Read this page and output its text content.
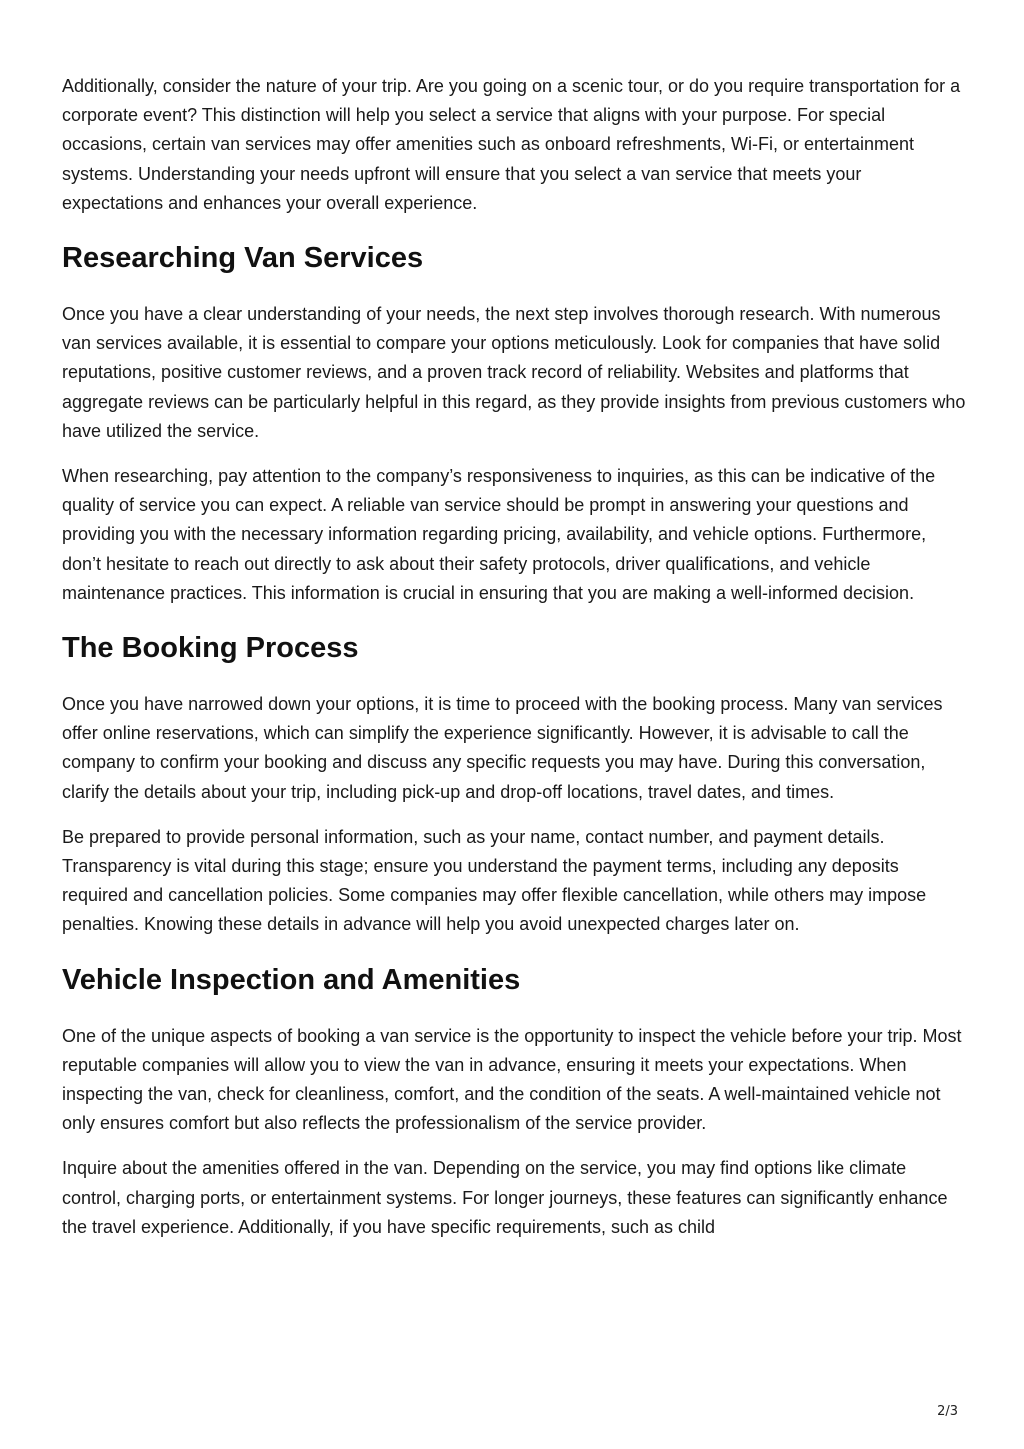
Additionally, consider the nature of your trip. Are you going on a scenic tour, or do you require transportation for a corporate event? This distinction will help you select a service that aligns with your purpose. For special occasions, certain van services may offer amenities such as onboard refreshments, Wi-Fi, or entertainment systems. Understanding your needs upfront will ensure that you select a van service that meets your expectations and enhances your overall experience.

Researching Van Services

Once you have a clear understanding of your needs, the next step involves thorough research. With numerous van services available, it is essential to compare your options meticulously. Look for companies that have solid reputations, positive customer reviews, and a proven track record of reliability. Websites and platforms that aggregate reviews can be particularly helpful in this regard, as they provide insights from previous customers who have utilized the service.

When researching, pay attention to the company’s responsiveness to inquiries, as this can be indicative of the quality of service you can expect. A reliable van service should be prompt in answering your questions and providing you with the necessary information regarding pricing, availability, and vehicle options. Furthermore, don’t hesitate to reach out directly to ask about their safety protocols, driver qualifications, and vehicle maintenance practices. This information is crucial in ensuring that you are making a well-informed decision.

The Booking Process

Once you have narrowed down your options, it is time to proceed with the booking process. Many van services offer online reservations, which can simplify the experience significantly. However, it is advisable to call the company to confirm your booking and discuss any specific requests you may have. During this conversation, clarify the details about your trip, including pick-up and drop-off locations, travel dates, and times.

Be prepared to provide personal information, such as your name, contact number, and payment details. Transparency is vital during this stage; ensure you understand the payment terms, including any deposits required and cancellation policies. Some companies may offer flexible cancellation, while others may impose penalties. Knowing these details in advance will help you avoid unexpected charges later on.

Vehicle Inspection and Amenities

One of the unique aspects of booking a van service is the opportunity to inspect the vehicle before your trip. Most reputable companies will allow you to view the van in advance, ensuring it meets your expectations. When inspecting the van, check for cleanliness, comfort, and the condition of the seats. A well-maintained vehicle not only ensures comfort but also reflects the professionalism of the service provider.

Inquire about the amenities offered in the van. Depending on the service, you may find options like climate control, charging ports, or entertainment systems. For longer journeys, these features can significantly enhance the travel experience. Additionally, if you have specific requirements, such as child

2/3
